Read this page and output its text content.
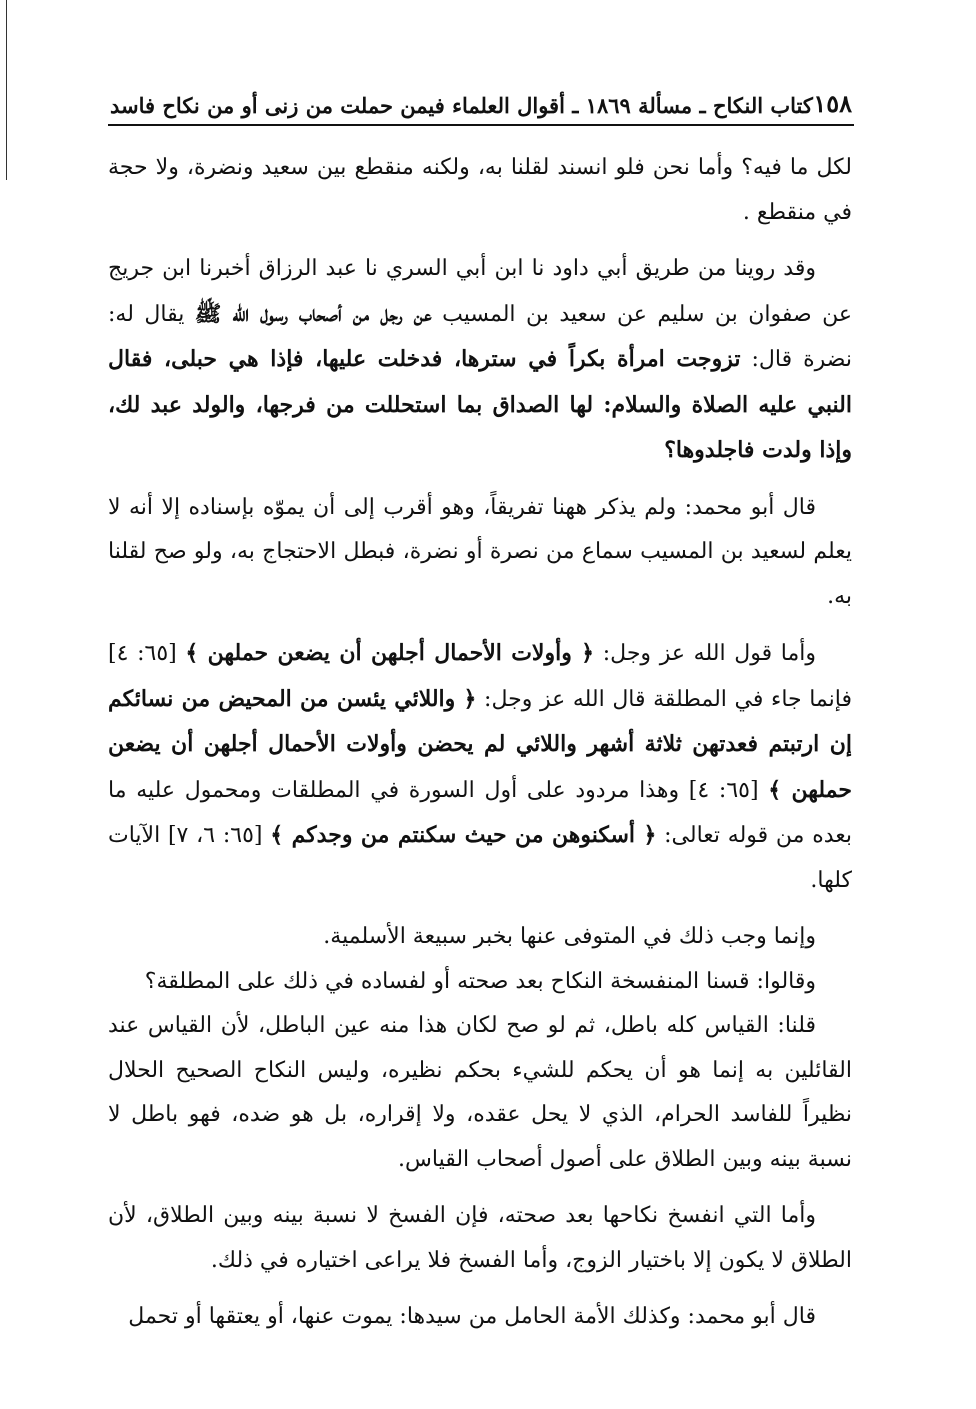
١٥٨
كتاب النكاح ـ مسألة ١٨٦٩ ـ أقوال العلماء فيمن حملت من زنى أو من نكاح فاسد

لكل ما فيه؟ وأما نحن فلو انسند لقلنا به، ولكنه منقطع بين سعيد ونضرة، ولا حجة في منقطع .

وقد روينا من طريق أبي داود نا ابن أبي السري نا عبد الرزاق أخبرنا ابن جريج عن صفوان بن سليم عن سعيد بن المسيب عن رجل من أصحاب رسول الله ﷺ يقال له: نضرة قال: تزوجت امرأة بكراً في سترها، فدخلت عليها، فإذا هي حبلى، فقال النبي عليه الصلاة والسلام: لها الصداق بما استحللت من فرجها، والولد عبد لك، وإذا ولدت فاجلدوها؟

قال أبو محمد: ولم يذكر ههنا تفريقاً، وهو أقرب إلى أن يموّه بإسناده إلا أنه لا يعلم لسعيد بن المسيب سماع من نصرة أو نضرة، فبطل الاحتجاج به، ولو صح لقلنا به.

وأما قول الله عز وجل: ﴿ وأولات الأحمال أجلهن أن يضعن حملهن ﴾ [٦٥: ٤] فإنما جاء في المطلقة قال الله عز وجل: ﴿ واللائي يئسن من المحيض من نسائكم إن ارتبتم فعدتهن ثلاثة أشهر واللائي لم يحضن وأولات الأحمال أجلهن أن يضعن حملهن ﴾ [٦٥: ٤] وهذا مردود على أول السورة في المطلقات ومحمول عليه ما بعده من قوله تعالى: ﴿ أسكنوهن من حيث سكنتم من وجدكم ﴾ [٦٥: ٦، ٧] الآيات كلها.

وإنما وجب ذلك في المتوفى عنها بخبر سبيعة الأسلمية.

وقالوا: قسنا المنفسخة النكاح بعد صحته أو لفساده في ذلك على المطلقة؟

قلنا: القياس كله باطل، ثم لو صح لكان هذا منه عين الباطل، لأن القياس عند القائلين به إنما هو أن يحكم للشيء بحكم نظيره، وليس النكاح الصحيح الحلال نظيراً للفاسد الحرام، الذي لا يحل عقده، ولا إقراره، بل هو ضده، فهو باطل لا نسبة بينه وبين الطلاق على أصول أصحاب القياس.

وأما التي انفسخ نكاحها بعد صحته، فإن الفسخ لا نسبة بينه وبين الطلاق، لأن الطلاق لا يكون إلا باختيار الزوج، وأما الفسخ فلا يراعى اختياره في ذلك.

قال أبو محمد: وكذلك الأمة الحامل من سيدها: يموت عنها، أو يعتقها أو تحمل
